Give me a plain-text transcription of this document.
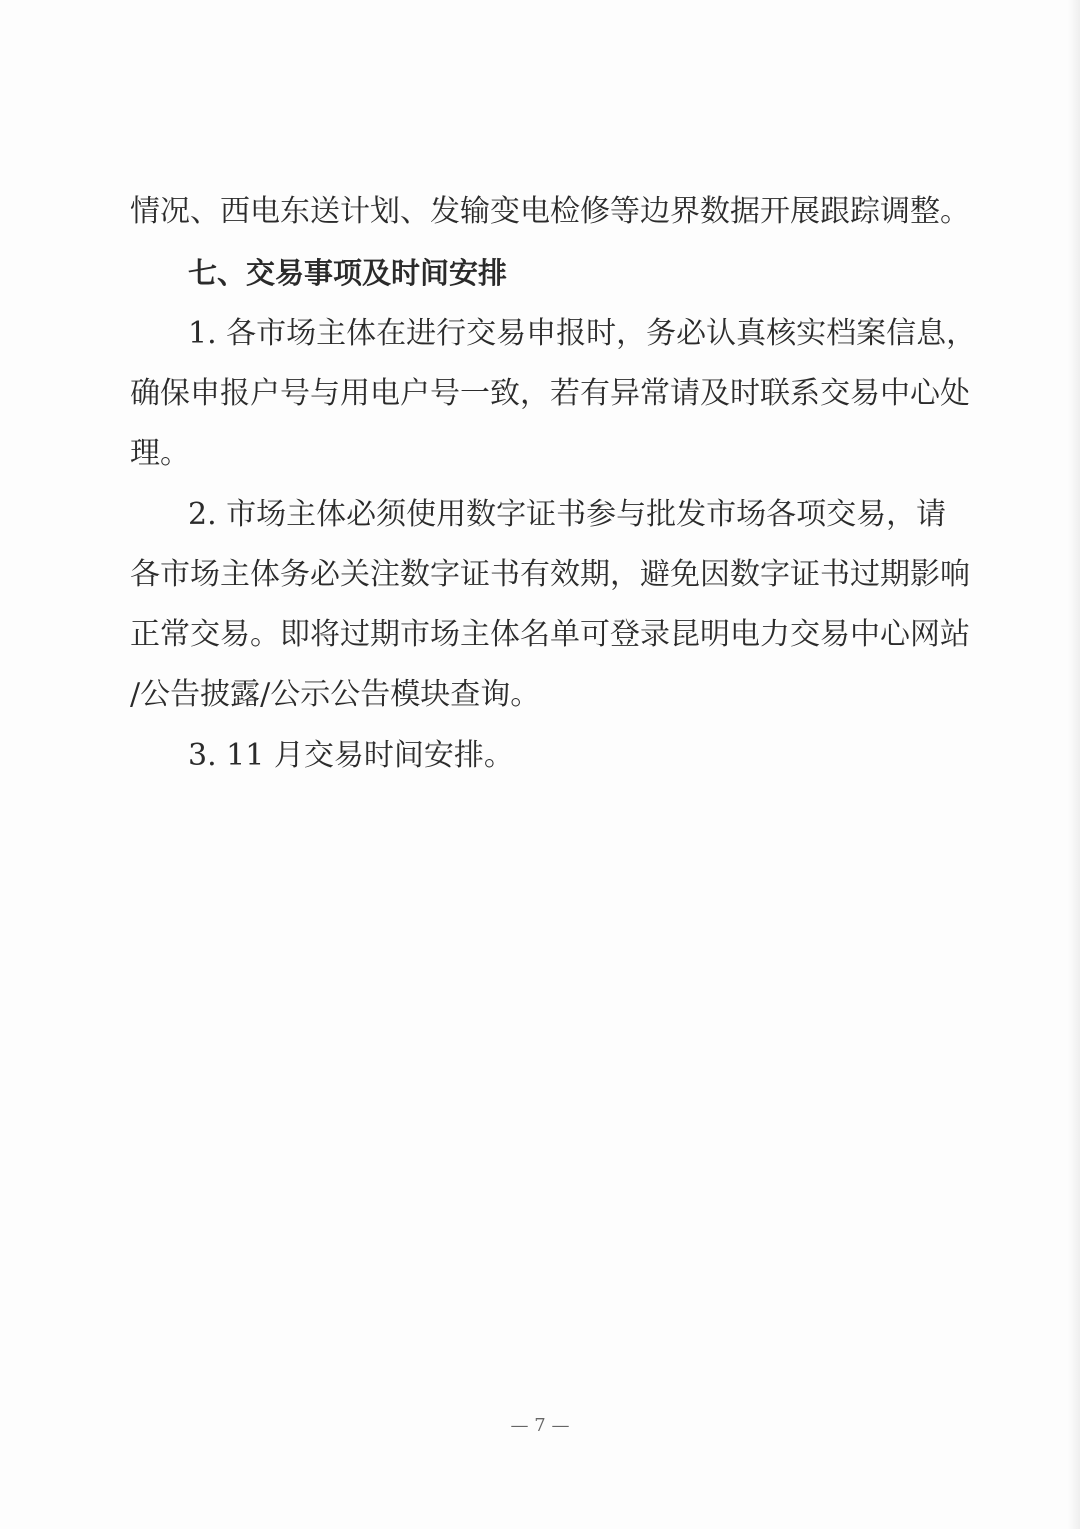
情况、西电东送计划、发输变电检修等边界数据开展跟踪调整。

七、交易事项及时间安排

1. 各市场主体在进行交易申报时，务必认真核实档案信息，

确保申报户号与用电户号一致，若有异常请及时联系交易中心处

理。

2. 市场主体必须使用数字证书参与批发市场各项交易，请

各市场主体务必关注数字证书有效期，避免因数字证书过期影响

正常交易。即将过期市场主体名单可登录昆明电力交易中心网站

/公告披露/公示公告模块查询。

3. 11 月交易时间安排。

— 7 —
